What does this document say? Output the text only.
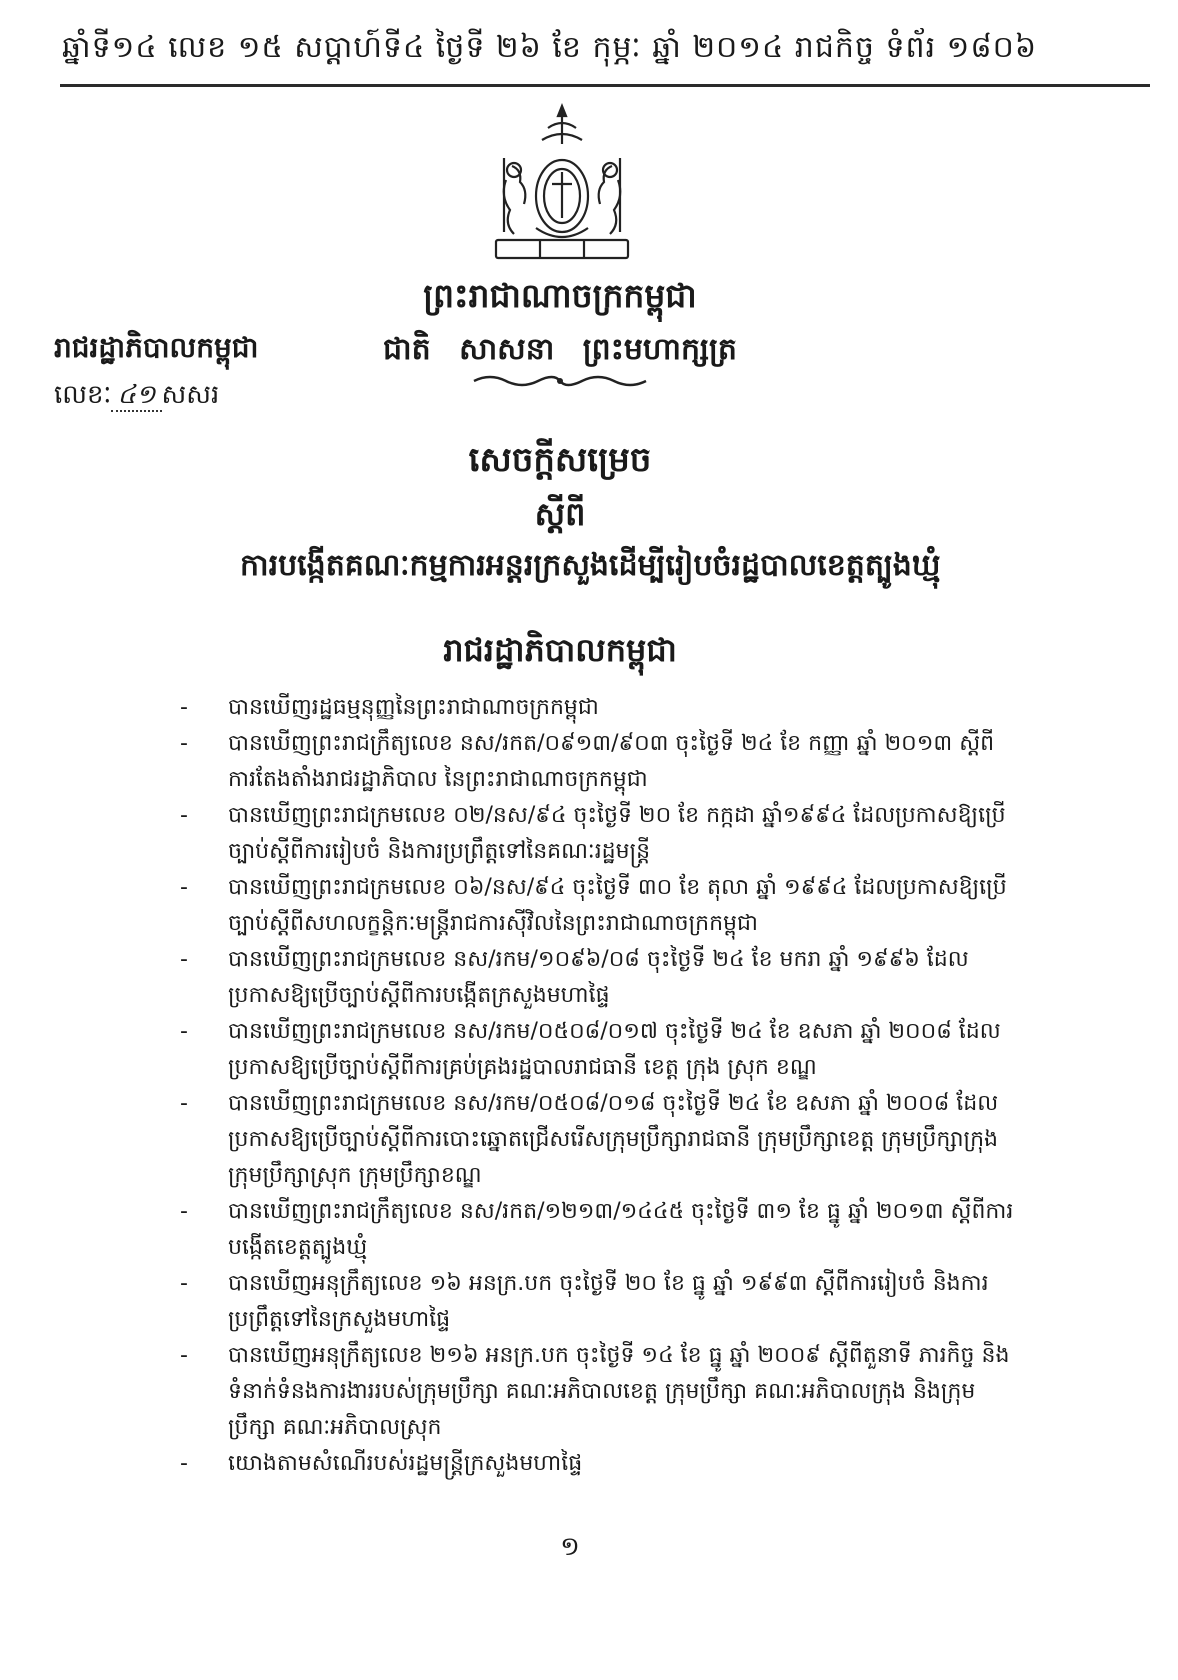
ឆ្នាំទី១៤ លេខ ១៥ សប្តាហ៍ទី៤ ថ្ងៃទី ២៦ ខែ កុម្ភៈ ឆ្នាំ ២០១៤ រាជកិច្ច ទំព័រ ១៨០៦
ព្រះរាជាណាចក្រកម្ពុជា
ជាតិ សាសនា ព្រះមហាក្សត្រ
រាជរដ្ឋាភិបាលកម្ពុជា
លេខៈ ៤១ សសរ
សេចក្តីសម្រេច
ស្តីពី
ការបង្កើតគណៈកម្មការអន្តរក្រសួងដើម្បីរៀបចំរដ្ឋបាលខេត្តត្បូងឃ្មុំ
រាជរដ្ឋាភិបាលកម្ពុជា
-	បានឃើញរដ្ឋធម្មនុញ្ញនៃព្រះរាជាណាចក្រកម្ពុជា
-	បានឃើញព្រះរាជក្រឹត្យលេខ នស/រកត/០៩១៣/៩០៣ ចុះថ្ងៃទី ២៤ ខែ កញ្ញា ឆ្នាំ ២០១៣ ស្តីពីការតែងតាំងរាជរដ្ឋាភិបាល នៃព្រះរាជាណាចក្រកម្ពុជា
-	បានឃើញព្រះរាជក្រមលេខ ០២/នស/៩៤ ចុះថ្ងៃទី ២០ ខែ កក្កដា ឆ្នាំ១៩៩៤ ដែលប្រកាសឱ្យប្រើច្បាប់ស្តីពីការរៀបចំ និងការប្រព្រឹត្តទៅនៃគណៈរដ្ឋមន្ត្រី
-	បានឃើញព្រះរាជក្រមលេខ ០៦/នស/៩៤ ចុះថ្ងៃទី ៣០ ខែ តុលា ឆ្នាំ ១៩៩៤ ដែលប្រកាសឱ្យប្រើច្បាប់ស្តីពីសហលក្ខន្តិកៈមន្ត្រីរាជការស៊ីវិលនៃព្រះរាជាណាចក្រកម្ពុជា
-	បានឃើញព្រះរាជក្រមលេខ នស/រកម/១០៩៦/០៨ ចុះថ្ងៃទី ២៤ ខែ មករា ឆ្នាំ ១៩៩៦ ដែលប្រកាសឱ្យប្រើច្បាប់ស្តីពីការបង្កើតក្រសួងមហាផ្ទៃ
-	បានឃើញព្រះរាជក្រមលេខ នស/រកម/០៥០៨/០១៧ ចុះថ្ងៃទី ២៤ ខែ ឧសភា ឆ្នាំ ២០០៨ ដែលប្រកាសឱ្យប្រើច្បាប់ស្តីពីការគ្រប់គ្រងរដ្ឋបាលរាជធានី ខេត្ត ក្រុង ស្រុក ខណ្ឌ
-	បានឃើញព្រះរាជក្រមលេខ នស/រកម/០៥០៨/០១៨ ចុះថ្ងៃទី ២៤ ខែ ឧសភា ឆ្នាំ ២០០៨ ដែលប្រកាសឱ្យប្រើច្បាប់ស្តីពីការបោះឆ្នោតជ្រើសរើសក្រុមប្រឹក្សារាជធានី ក្រុមប្រឹក្សាខេត្ត ក្រុមប្រឹក្សាក្រុង ក្រុមប្រឹក្សាស្រុក ក្រុមប្រឹក្សាខណ្ឌ
-	បានឃើញព្រះរាជក្រឹត្យលេខ នស/រកត/១២១៣/១៤៤៥ ចុះថ្ងៃទី ៣១ ខែ ធ្នូ ឆ្នាំ ២០១៣ ស្តីពីការបង្កើតខេត្តត្បូងឃ្មុំ
-	បានឃើញអនុក្រឹត្យលេខ ១៦ អនក្រ.បក ចុះថ្ងៃទី ២០ ខែ ធ្នូ ឆ្នាំ ១៩៩៣ ស្តីពីការរៀបចំ និងការប្រព្រឹត្តទៅនៃក្រសួងមហាផ្ទៃ
-	បានឃើញអនុក្រឹត្យលេខ ២១៦ អនក្រ.បក ចុះថ្ងៃទី ១៤ ខែ ធ្នូ ឆ្នាំ ២០០៩ ស្តីពីតួនាទី ភារកិច្ច និងទំនាក់ទំនងការងាររបស់ក្រុមប្រឹក្សា គណៈអភិបាលខេត្ត ក្រុមប្រឹក្សា គណៈអភិបាលក្រុង និងក្រុមប្រឹក្សា គណៈអភិបាលស្រុក
-	យោងតាមសំណើរបស់រដ្ឋមន្ត្រីក្រសួងមហាផ្ទៃ
១
